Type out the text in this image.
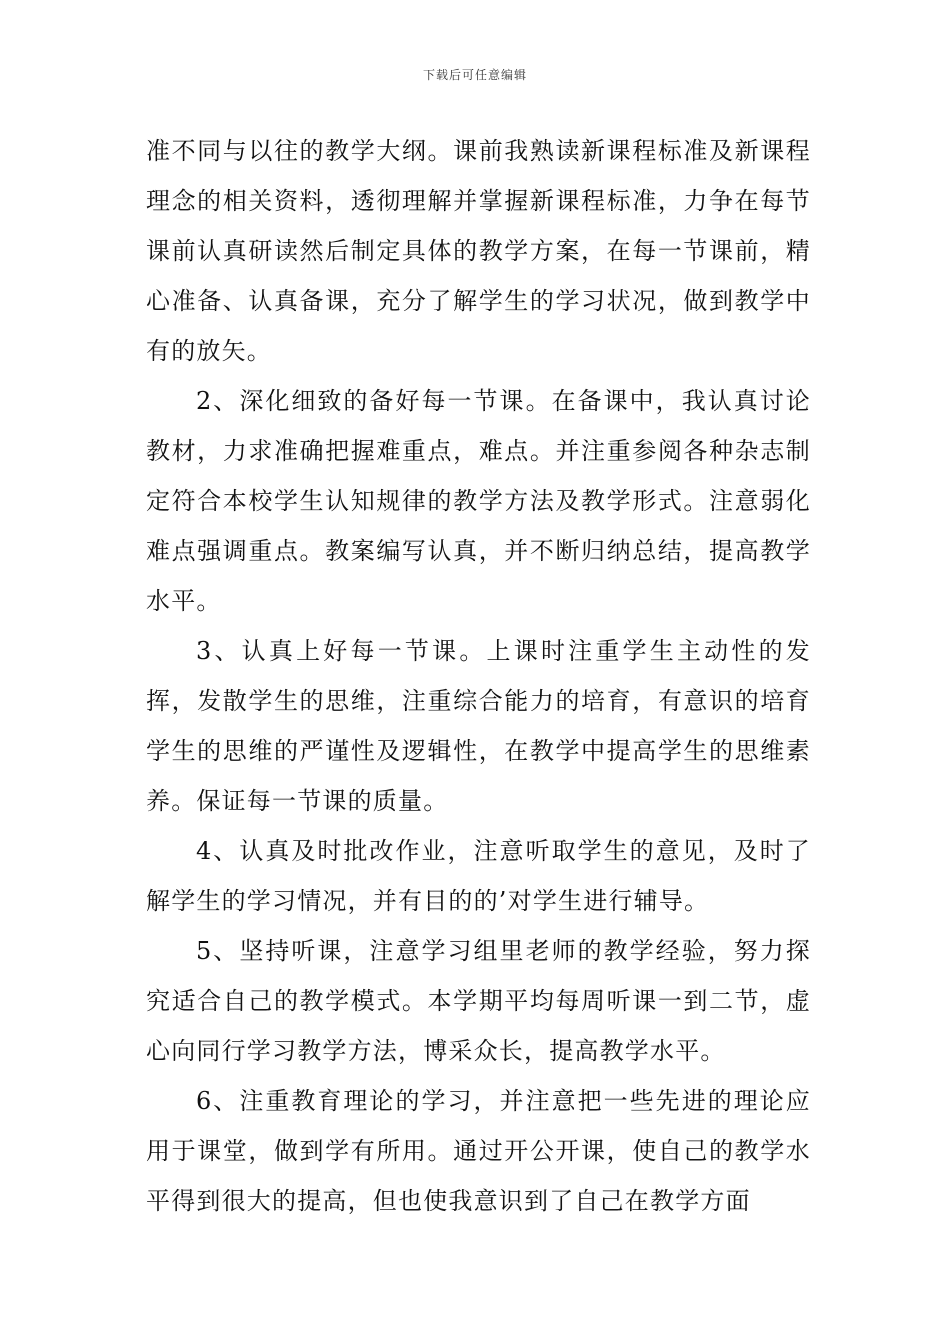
下载后可任意编辑

准不同与以往的教学大纲。课前我熟读新课程标准及新课程理念的相关资料，透彻理解并掌握新课程标准，力争在每节课前认真研读然后制定具体的教学方案，在每一节课前，精心准备、认真备课，充分了解学生的学习状况，做到教学中有的放矢。

2、深化细致的备好每一节课。在备课中，我认真讨论教材，力求准确把握难重点，难点。并注重参阅各种杂志制定符合本校学生认知规律的教学方法及教学形式。注意弱化难点强调重点。教案编写认真，并不断归纳总结，提高教学水平。

3、认真上好每一节课。上课时注重学生主动性的发挥，发散学生的思维，注重综合能力的培育，有意识的培育学生的思维的严谨性及逻辑性，在教学中提高学生的思维素养。保证每一节课的质量。

4、认真及时批改作业，注意听取学生的意见，及时了解学生的学习情况，并有目的的’对学生进行辅导。

5、坚持听课，注意学习组里老师的教学经验，努力探究适合自己的教学模式。本学期平均每周听课一到二节，虚心向同行学习教学方法，博采众长，提高教学水平。

6、注重教育理论的学习，并注意把一些先进的理论应用于课堂，做到学有所用。通过开公开课，使自己的教学水平得到很大的提高，但也使我意识到了自己在教学方面
